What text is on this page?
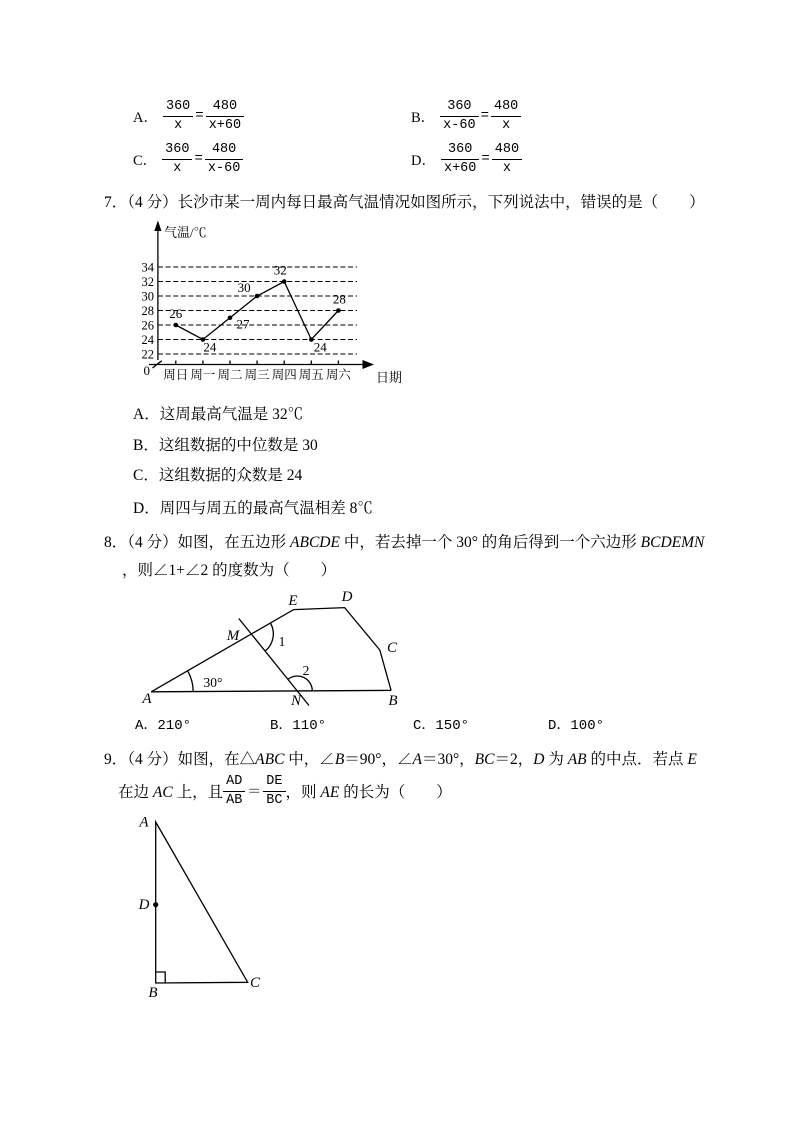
A． $\frac{360}{x} = \frac{480}{x+60}$	B． $\frac{360}{x-60} = \frac{480}{x}$
C． $\frac{360}{x} = \frac{480}{x-60}$	D． $\frac{360}{x+60} = \frac{480}{x}$
7．（4 分）长沙市某一周内每日最高气温情况如图所示，下列说法中，错误的是（　　）
34
32
30
28
26
24
22
周日 周一 周二 周三 周四 周五 周六
气温/℃
日期
0
26
24
27
30
32
24
28
A．这周最高气温是 32℃
B．这组数据的中位数是 30
C．这组数据的众数是 24
D．周四与周五的最高气温相差 8℃
8．（4 分）如图，在五边形 ABCDE 中，若去掉一个 30° 的角后得到一个六边形 BCDEMN
，则∠1+∠2 的度数为（　　）
A	B
C
D
E
M
N
30°
1
2
A．210°	B．110°	C．150°	D．100°
9．（4 分）如图，在△ABC 中，∠B＝90°，∠A＝30°，BC＝2，D 为 AB 的中点．若点 E
在边 AC 上，且 $\frac{AD}{AB} = \frac{DE}{BC}$ ，则 AE 的长为（　　）
A
D
B
C
